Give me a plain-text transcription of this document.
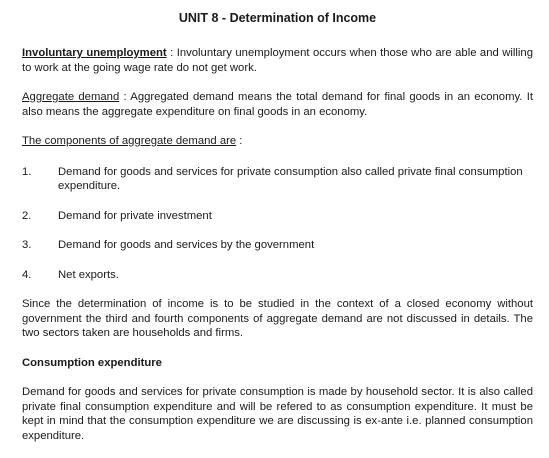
UNIT 8 - Determination of Income

Involuntary unemployment : Involuntary unemployment occurs when those who are able and willing to work at the going wage rate do not get work.

Aggregate demand : Aggregated demand means the total demand for final goods in an economy. It also means the aggregate expenditure on final goods in an economy.

The components of aggregate demand are :

1.	Demand for goods and services for private consumption also called private final consumption expenditure.
2.	Demand for private investment
3.	Demand for goods and services by the government
4.	Net exports.

Since the determination of income is to be studied in the context of a closed economy without government the third and fourth components of aggregate demand are not discussed in details. The two sectors taken are households and firms.

Consumption expenditure

Demand for goods and services for private consumption is made by household sector. It is also called private final consumption expenditure and will be refered to as consumption expenditure. It must be kept in mind that the consumption expenditure we are discussing is ex-ante i.e. planned consumption expenditure.
